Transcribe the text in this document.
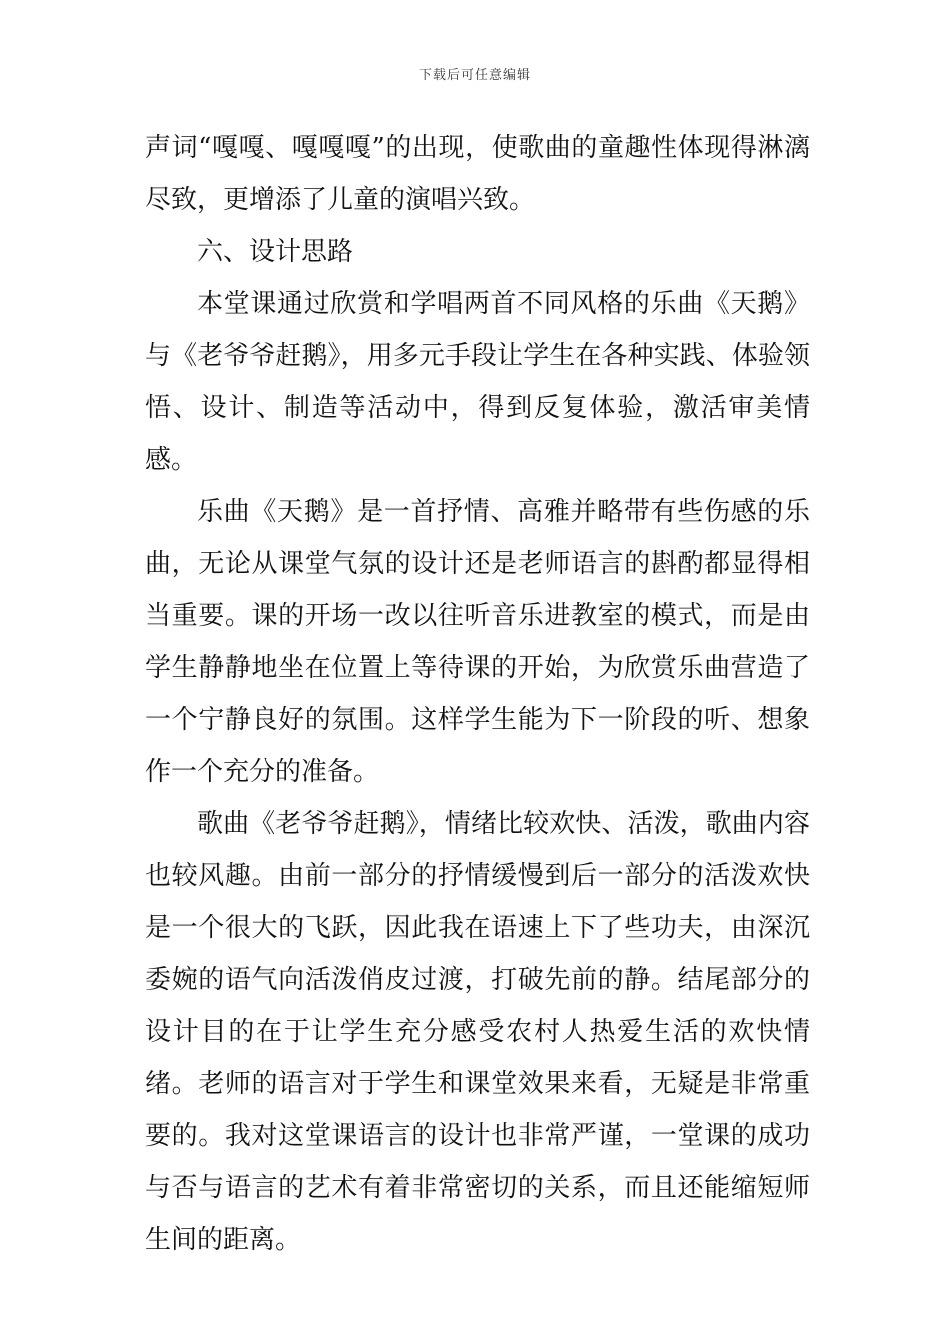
下载后可任意编辑

声词“嘎嘎、嘎嘎嘎”的出现，使歌曲的童趣性体现得淋漓尽致，更增添了儿童的演唱兴致。

六、设计思路

本堂课通过欣赏和学唱两首不同风格的乐曲《天鹅》与《老爷爷赶鹅》，用多元手段让学生在各种实践、体验领悟、设计、制造等活动中，得到反复体验，激活审美情感。

乐曲《天鹅》是一首抒情、高雅并略带有些伤感的乐曲，无论从课堂气氛的设计还是老师语言的斟酌都显得相当重要。课的开场一改以往听音乐进教室的模式，而是由学生静静地坐在位置上等待课的开始，为欣赏乐曲营造了一个宁静良好的氛围。这样学生能为下一阶段的听、想象作一个充分的准备。

歌曲《老爷爷赶鹅》，情绪比较欢快、活泼，歌曲内容也较风趣。由前一部分的抒情缓慢到后一部分的活泼欢快是一个很大的飞跃，因此我在语速上下了些功夫，由深沉委婉的语气向活泼俏皮过渡，打破先前的静。结尾部分的设计目的在于让学生充分感受农村人热爱生活的欢快情绪。老师的语言对于学生和课堂效果来看，无疑是非常重要的。我对这堂课语言的设计也非常严谨，一堂课的成功与否与语言的艺术有着非常密切的关系，而且还能缩短师生间的距离。
